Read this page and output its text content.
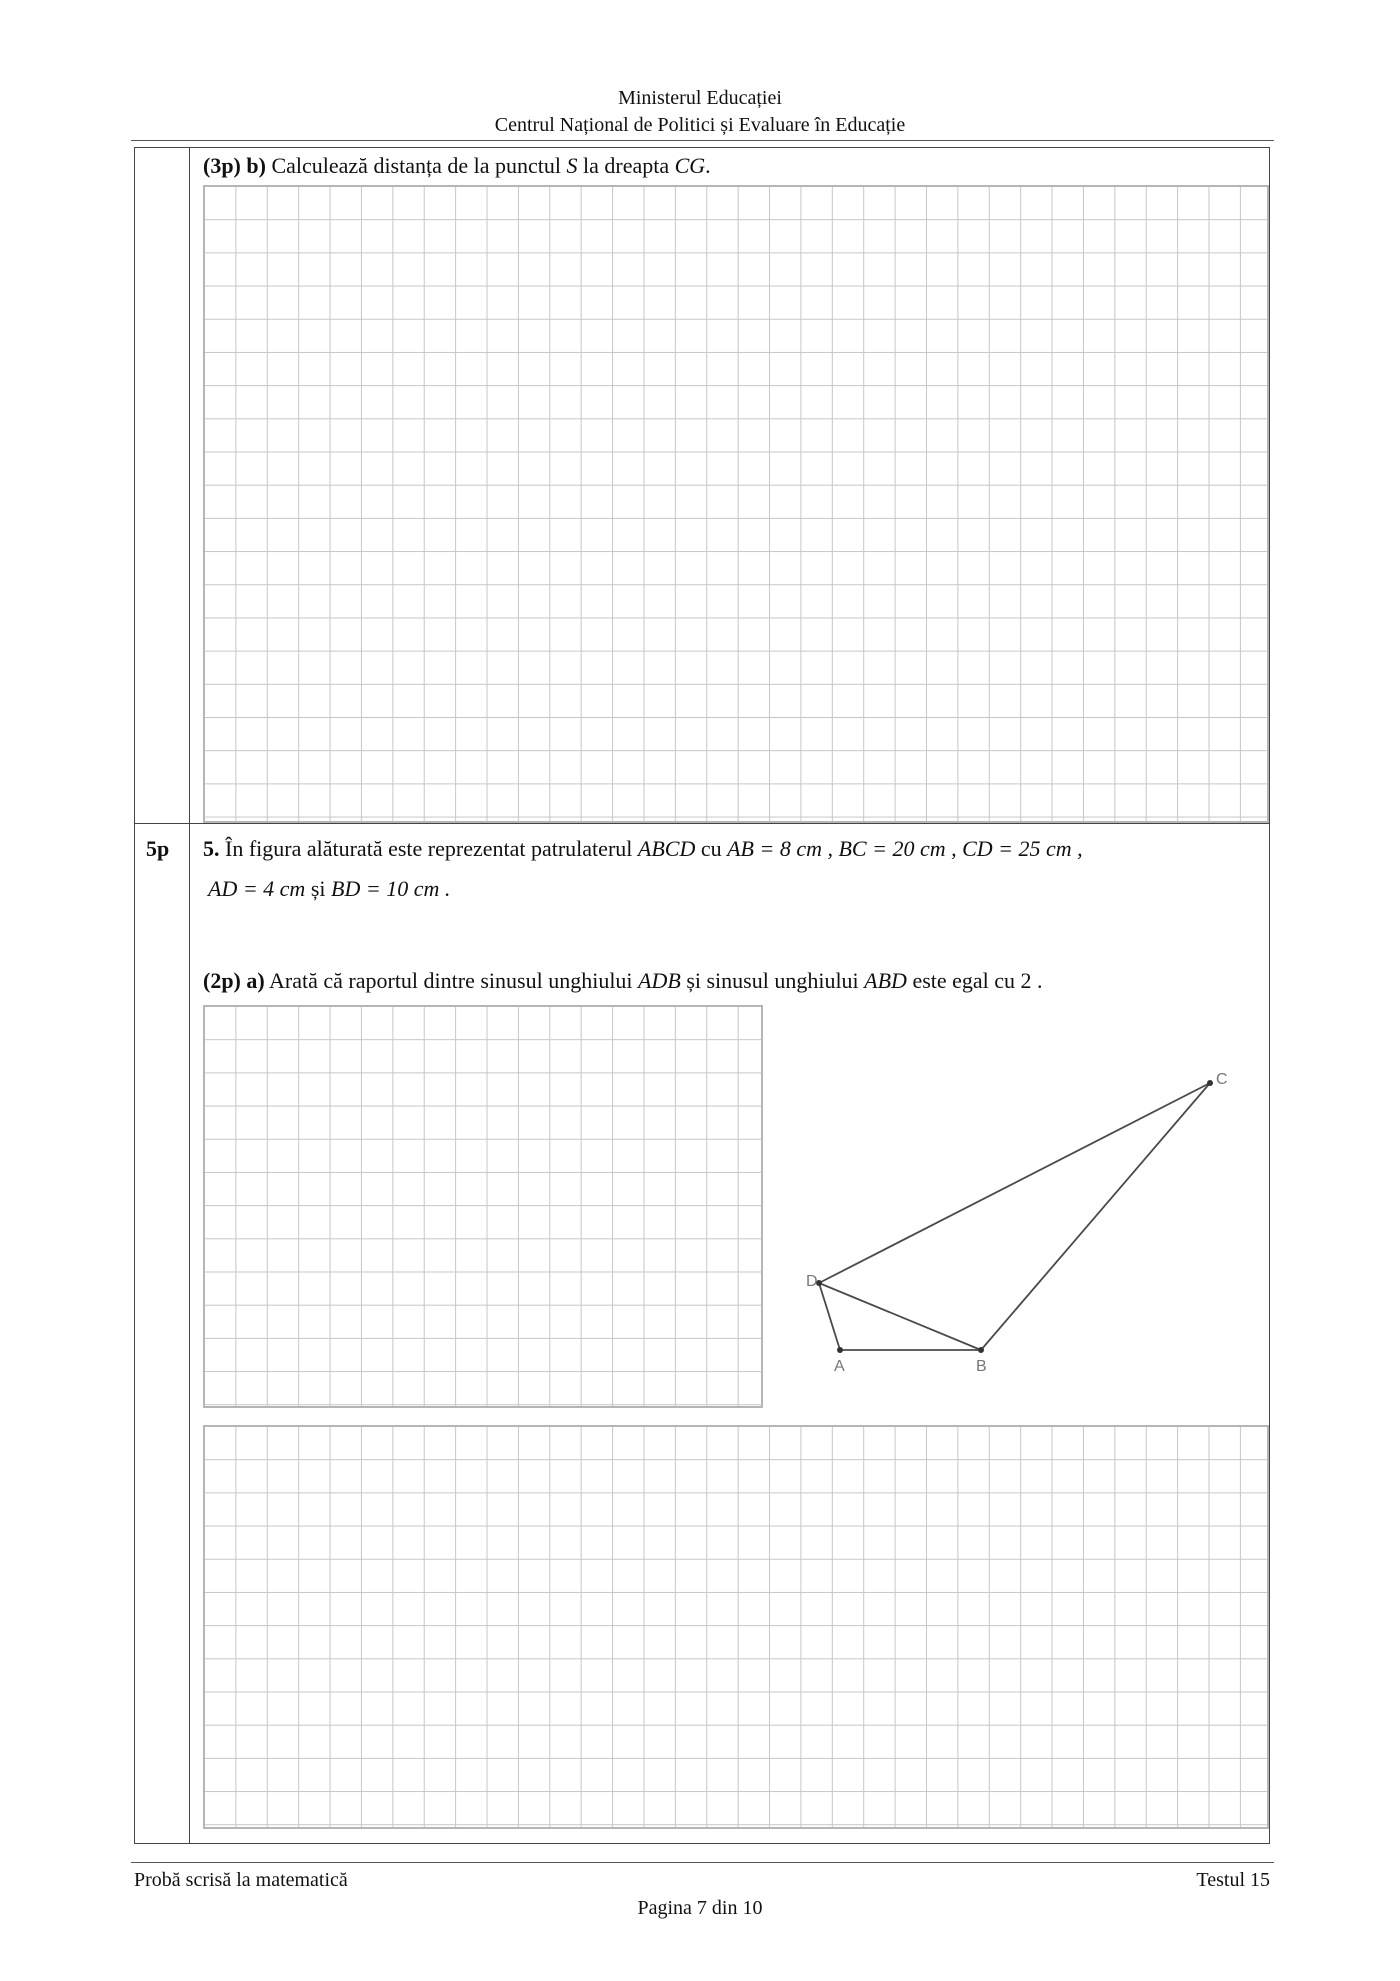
Ministerul Educației
Centrul Național de Politici și Evaluare în Educație
(3p) b) Calculează distanța de la punctul S la dreapta CG.
5p 5. În figura alăturată este reprezentat patrulaterul ABCD cu AB = 8 cm , BC = 20 cm , CD = 25 cm ,
AD = 4 cm și BD = 10 cm .
(2p) a) Arată că raportul dintre sinusul unghiului ADB și sinusul unghiului ABD este egal cu 2 .
D
A	B
C
Probă scrisă la matematică	Testul 15
Pagina 7 din 10
